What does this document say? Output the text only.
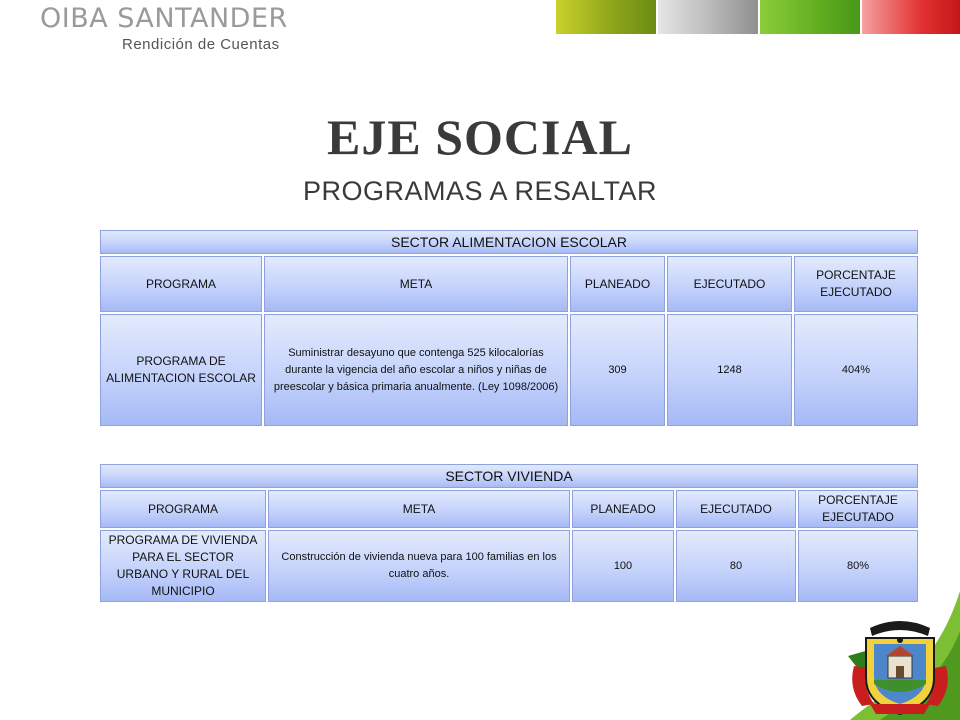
OIBA SANTANDER
Rendición de Cuentas
EJE SOCIAL
PROGRAMAS A RESALTAR
SECTOR ALIMENTACION ESCOLAR				
PROGRAMA	META	PLANEADO	EJECUTADO	PORCENTAJE EJECUTADO
PROGRAMA DE ALIMENTACION ESCOLAR	Suministrar desayuno que contenga 525 kilocalorías durante la vigencia del año escolar a niños y niñas de preescolar y básica primaria anualmente. (Ley 1098/2006)	309	1248	404%
SECTOR VIVIENDA				
PROGRAMA	META	PLANEADO	EJECUTADO	PORCENTAJE EJECUTADO
PROGRAMA DE VIVIENDA PARA EL SECTOR URBANO Y RURAL DEL MUNICIPIO	Construcción de vivienda nueva para 100 familias en los cuatro años.	100	80	80%
